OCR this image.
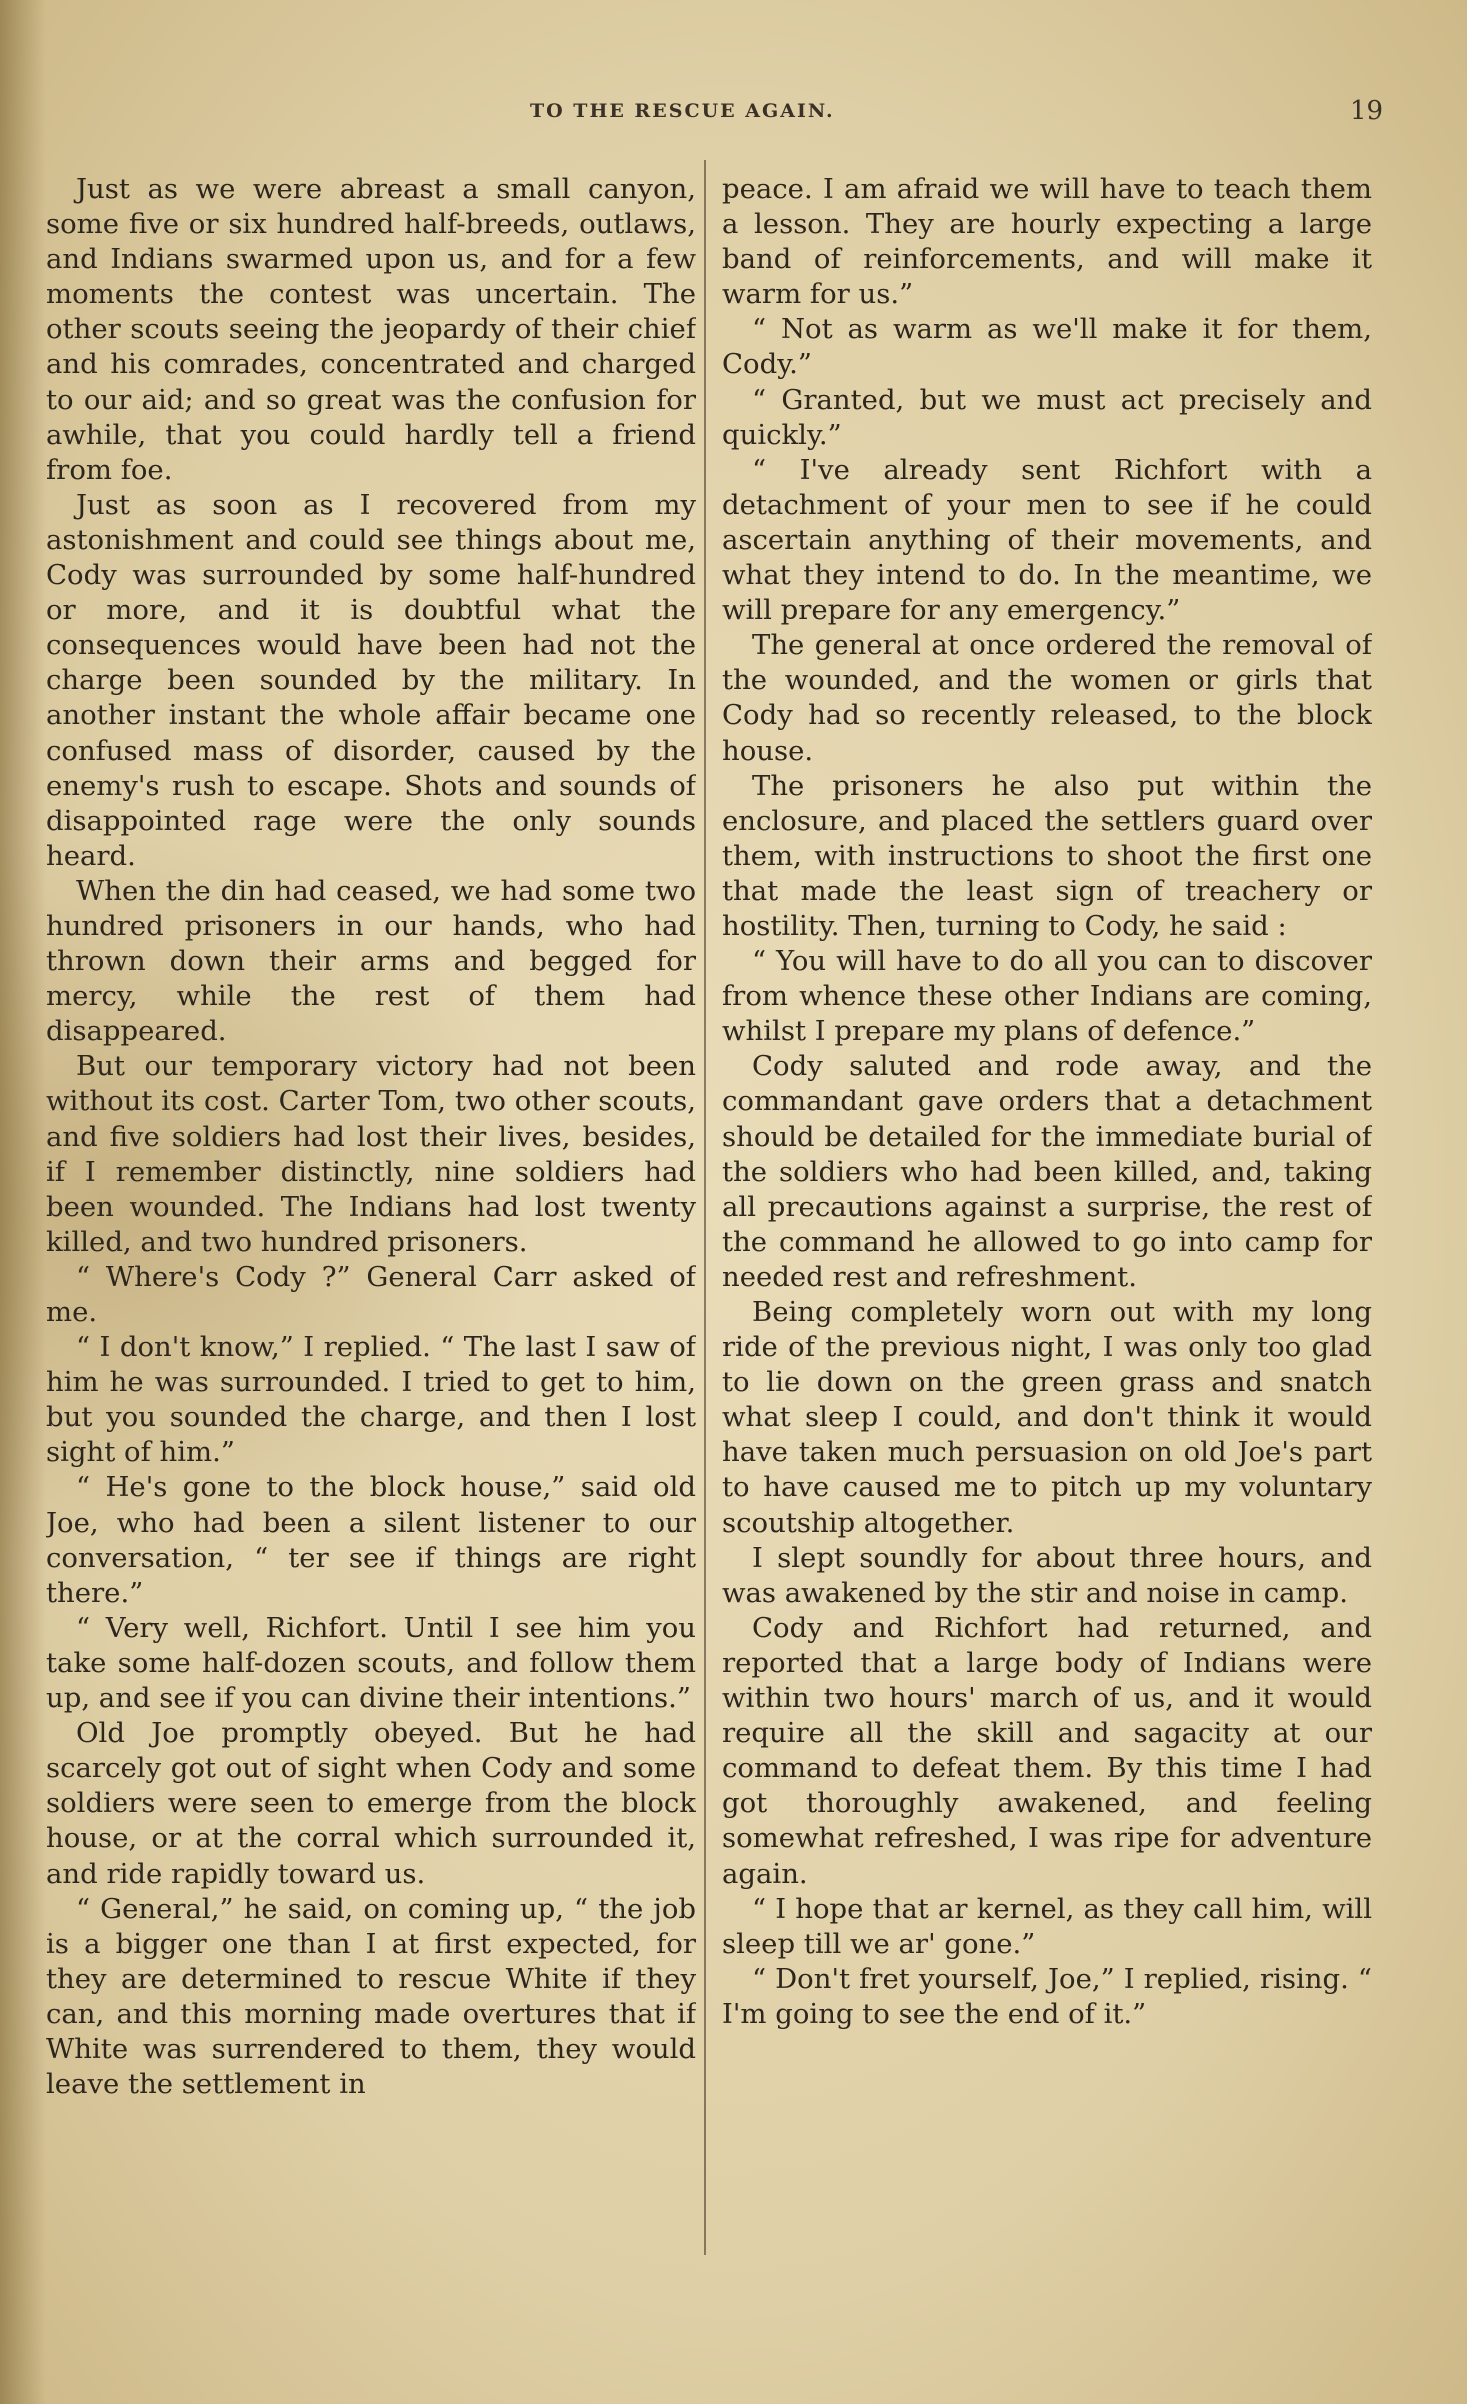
TO THE RESCUE AGAIN.	19

Just as we were abreast a small canyon, some five or six hundred half-breeds, outlaws, and Indians swarmed upon us, and for a few moments the contest was uncertain. The other scouts seeing the jeopardy of their chief and his comrades, concentrated and charged to our aid; and so great was the confusion for awhile, that you could hardly tell a friend from foe.

Just as soon as I recovered from my astonishment and could see things about me, Cody was surrounded by some half-hundred or more, and it is doubtful what the consequences would have been had not the charge been sounded by the military. In another instant the whole affair became one confused mass of disorder, caused by the enemy's rush to escape. Shots and sounds of disappointed rage were the only sounds heard.

When the din had ceased, we had some two hundred prisoners in our hands, who had thrown down their arms and begged for mercy, while the rest of them had disappeared.

But our temporary victory had not been without its cost. Carter Tom, two other scouts, and five soldiers had lost their lives, besides, if I remember distinctly, nine soldiers had been wounded. The Indians had lost twenty killed, and two hundred prisoners.

“ Where's Cody ?” General Carr asked of me.

“ I don't know,” I replied. “ The last I saw of him he was surrounded. I tried to get to him, but you sounded the charge, and then I lost sight of him.”

“ He's gone to the block house,” said old Joe, who had been a silent listener to our conversation, “ ter see if things are right there.”

“ Very well, Richfort. Until I see him you take some half-dozen scouts, and follow them up, and see if you can divine their intentions.”

Old Joe promptly obeyed. But he had scarcely got out of sight when Cody and some soldiers were seen to emerge from the block house, or at the corral which surrounded it, and ride rapidly toward us.

“ General,” he said, on coming up, “ the job is a bigger one than I at first expected, for they are determined to rescue White if they can, and this morning made overtures that if White was surrendered to them, they would leave the settlement in

peace. I am afraid we will have to teach them a lesson. They are hourly expecting a large band of reinforcements, and will make it warm for us.”

“ Not as warm as we'll make it for them, Cody.”

“ Granted, but we must act precisely and quickly.”

“ I've already sent Richfort with a detachment of your men to see if he could ascertain anything of their movements, and what they intend to do. In the meantime, we will prepare for any emergency.”

The general at once ordered the removal of the wounded, and the women or girls that Cody had so recently released, to the block house.

The prisoners he also put within the enclosure, and placed the settlers guard over them, with instructions to shoot the first one that made the least sign of treachery or hostility. Then, turning to Cody, he said :

“ You will have to do all you can to discover from whence these other Indians are coming, whilst I prepare my plans of defence.”

Cody saluted and rode away, and the commandant gave orders that a detachment should be detailed for the immediate burial of the soldiers who had been killed, and, taking all precautions against a surprise, the rest of the command he allowed to go into camp for needed rest and refreshment.

Being completely worn out with my long ride of the previous night, I was only too glad to lie down on the green grass and snatch what sleep I could, and don't think it would have taken much persuasion on old Joe's part to have caused me to pitch up my voluntary scoutship altogether.

I slept soundly for about three hours, and was awakened by the stir and noise in camp.

Cody and Richfort had returned, and reported that a large body of Indians were within two hours' march of us, and it would require all the skill and sagacity at our command to defeat them. By this time I had got thoroughly awakened, and feeling somewhat refreshed, I was ripe for adventure again.

“ I hope that ar kernel, as they call him, will sleep till we ar' gone.”

“ Don't fret yourself, Joe,” I replied, rising. “ I'm going to see the end of it.”
